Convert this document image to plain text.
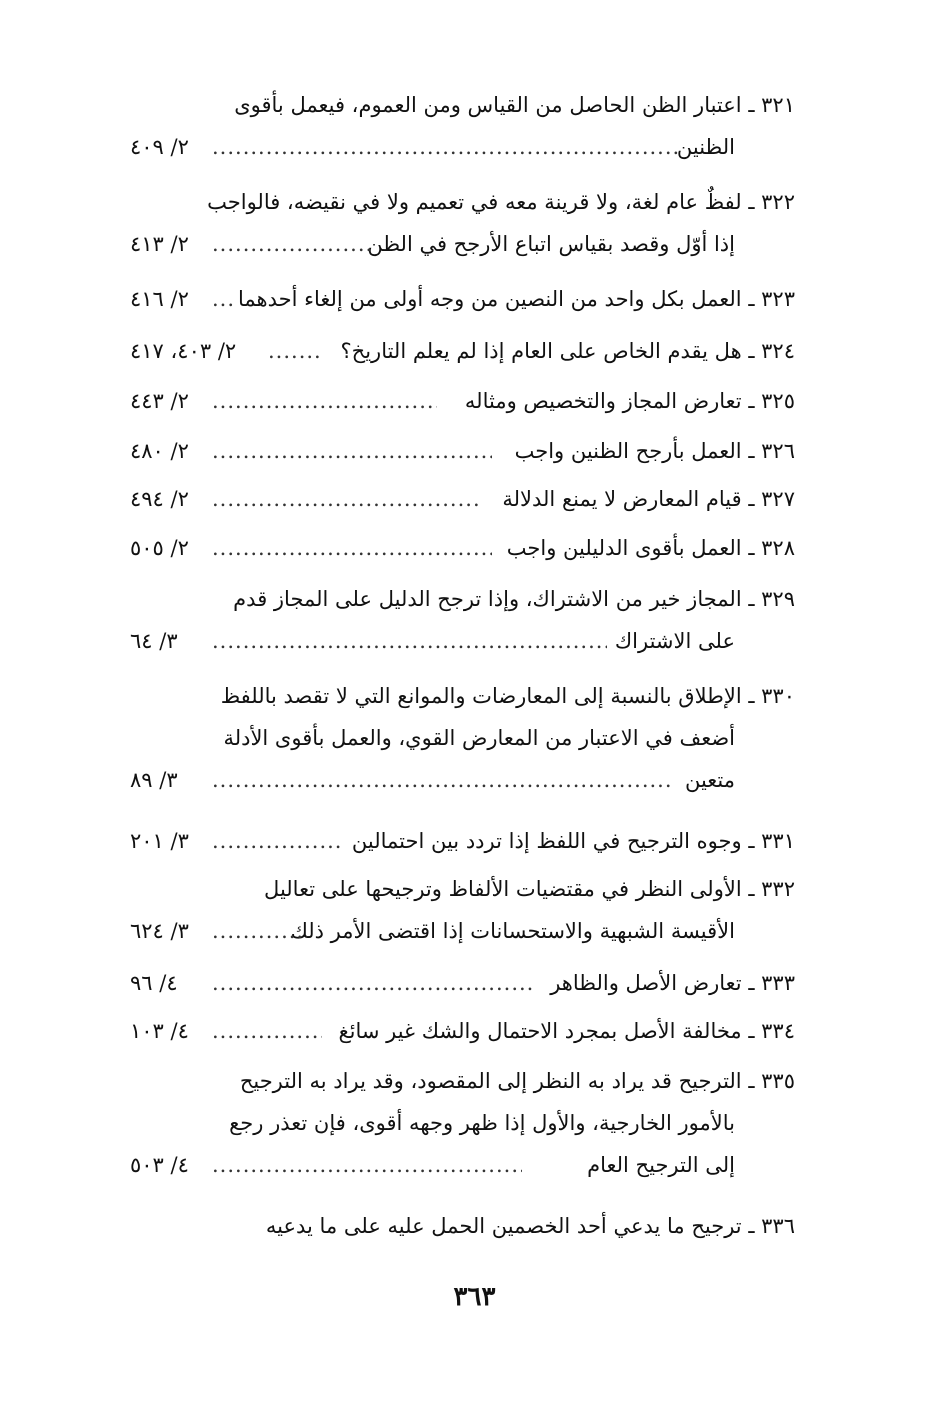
٣٢١ ـ اعتبار الظن الحاصل من القياس ومن العموم، فيعمل بأقوى
الظنين
.....
٢/ ٤٠٩
٣٢٢ ـ لفظٌ عام لغة، ولا قرينة معه في تعميم ولا في نقيضه، فالواجب
إذا أوّل وقصد بقياس اتباع الأرجح في الظن
.....
٢/ ٤١٣
٣٢٣ ـ العمل بكل واحد من النصين من وجه أولى من إلغاء أحدهما
.....
٢/ ٤١٦
٣٢٤ ـ هل يقدم الخاص على العام إذا لم يعلم التاريخ؟
.....
٢/ ٤٠٣، ٤١٧
٣٢٥ ـ تعارض المجاز والتخصيص ومثاله
.....
٢/ ٤٤٣
٣٢٦ ـ العمل بأرجح الظنين واجب
.....
٢/ ٤٨٠
٣٢٧ ـ قيام المعارض لا يمنع الدلالة
.....
٢/ ٤٩٤
٣٢٨ ـ العمل بأقوى الدليلين واجب
.....
٢/ ٥٠٥
٣٢٩ ـ المجاز خير من الاشتراك، وإذا ترجح الدليل على المجاز قدم
على الاشتراك
.....
٣/ ٦٤
٣٣٠ ـ الإطلاق بالنسبة إلى المعارضات والموانع التي لا تقصد باللفظ
أضعف في الاعتبار من المعارض القوي، والعمل بأقوى الأدلة
متعين
.....
٣/ ٨٩
٣٣١ ـ وجوه الترجيح في اللفظ إذا تردد بين احتمالين
.....
٣/ ٢٠١
٣٣٢ ـ الأولى النظر في مقتضيات الألفاظ وترجيحها على تعاليل
الأقيسة الشبهية والاستحسانات إذا اقتضى الأمر ذلك
.....
٣/ ٦٢٤
٣٣٣ ـ تعارض الأصل والظاهر
.....
٤/ ٩٦
٣٣٤ ـ مخالفة الأصل بمجرد الاحتمال والشك غير سائغ
.....
٤/ ١٠٣
٣٣٥ ـ الترجيح قد يراد به النظر إلى المقصود، وقد يراد به الترجيح
بالأمور الخارجية، والأول إذا ظهر وجهه أقوى، فإن تعذر رجع
إلى الترجيح العام
.....
٤/ ٥٠٣
٣٣٦ ـ ترجيح ما يدعي أحد الخصمين الحمل عليه على ما يدعيه
٣٦٣
